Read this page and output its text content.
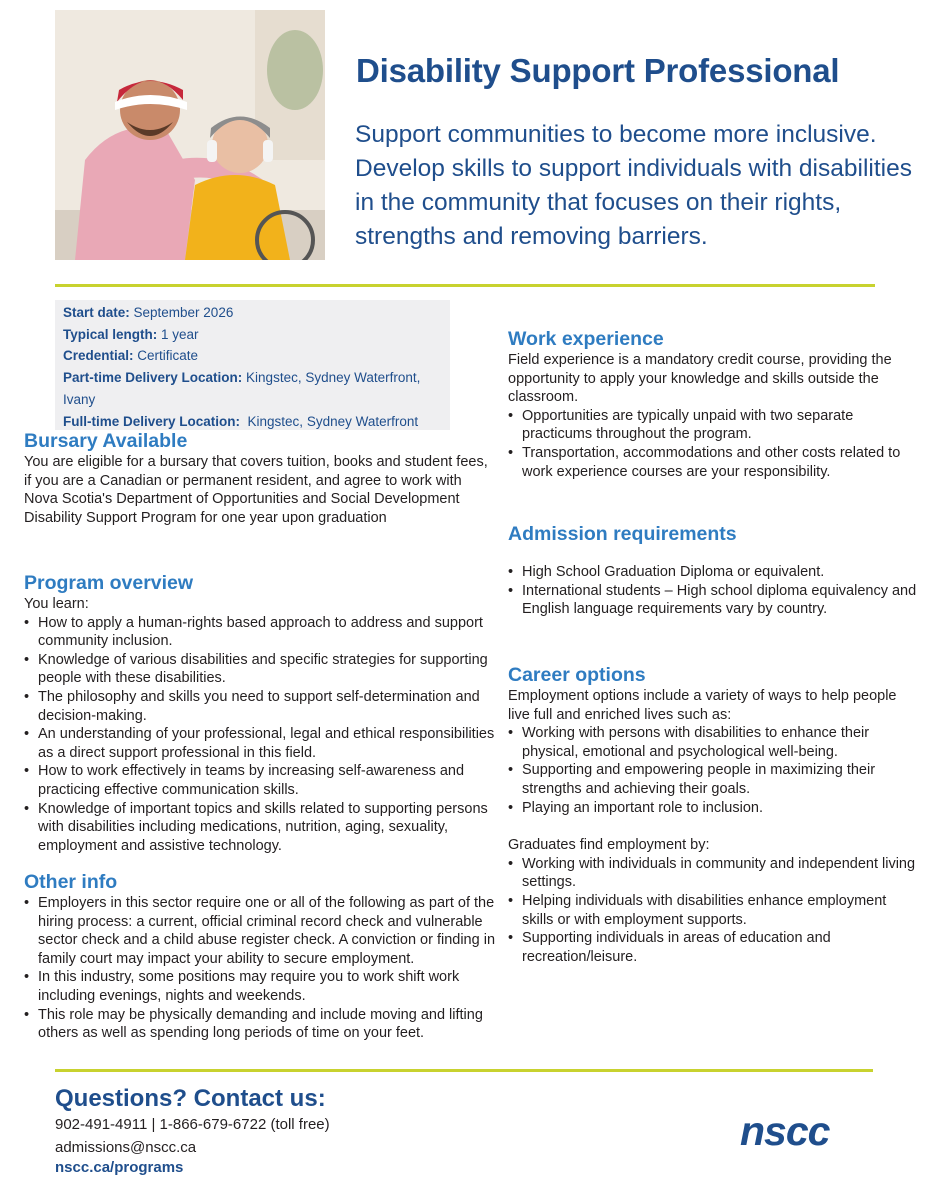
Disability Support Professional
Support communities to become more inclusive. Develop skills to support individuals with disabilities in the community that focuses on their rights, strengths and removing barriers.
Start date: September 2026
Typical length: 1 year
Credential: Certificate
Part-time Delivery Location: Kingstec, Sydney Waterfront,
Ivany
Full-time Delivery Location:  Kingstec, Sydney Waterfront
Bursary Available

You are eligible for a bursary that covers tuition, books and student fees, if you are a Canadian or permanent resident, and agree to work with Nova Scotia's Department of Opportunities and Social Development Disability Support Program for one year upon graduation

Program overview

You learn:

• How to apply a human-rights based approach to address and support community inclusion.
• Knowledge of various disabilities and specific strategies for supporting people with these disabilities.
• The philosophy and skills you need to support self-determination and decision-making.
• An understanding of your professional, legal and ethical responsibilities as a direct support professional in this field.
• How to work effectively in teams by increasing self-awareness and practicing effective communication skills.
• Knowledge of important topics and skills related to supporting persons with disabilities including medications, nutrition, aging, sexuality, employment and assistive technology.
Other info
• Employers in this sector require one or all of the following as part of the hiring process: a current, official criminal record check and vulnerable sector check and a child abuse register check. A conviction or finding in family court may impact your ability to secure employment.
• In this industry, some positions may require you to work shift work including evenings, nights and weekends.
• This role may be physically demanding and include moving and lifting others as well as spending long periods of time on your feet.
Work experience

Field experience is a mandatory credit course, providing the opportunity to apply your knowledge and skills outside the classroom.

• Opportunities are typically unpaid with two separate practicums throughout the program.
• Transportation, accommodations and other costs related to work experience courses are your responsibility.
Admission requirements
• High School Graduation Diploma or equivalent.
• International students – High school diploma equivalency and English language requirements vary by country.
Career options

Employment options include a variety of ways to help people live full and enriched lives such as:

• Working with persons with disabilities to enhance their physical, emotional and psychological well-being.
• Supporting and empowering people in maximizing their strengths and achieving their goals.
• Playing an important role to inclusion.

Graduates find employment by:

• Working with individuals in community and independent living settings.
• Helping individuals with disabilities enhance employment skills or with employment supports.
• Supporting individuals in areas of education and recreation/leisure.
Questions? Contact us:
902-491-4911 | 1-866-679-6722 (toll free)
admissions@nscc.ca
nscc.ca/programs
nscc
